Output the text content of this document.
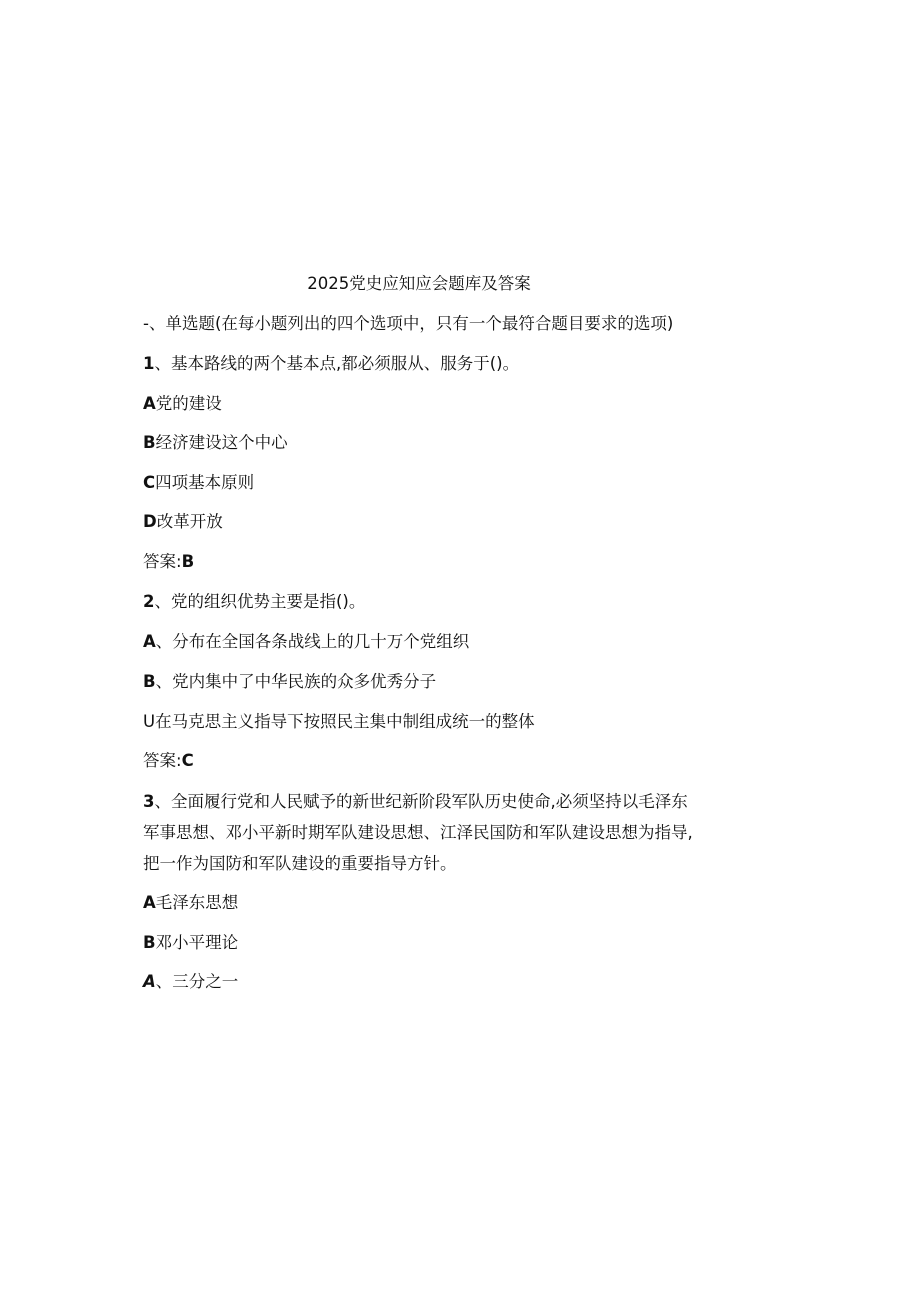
2025党史应知应会题库及答案

-、单选题(在每小题列出的四个选项中，只有一个最符合题目要求的选项)

1、基本路线的两个基本点,都必须服从、服务于()。

A党的建设

B经济建设这个中心

C四项基本原则

D改革开放

答案:B

2、党的组织优势主要是指()。

A、分布在全国各条战线上的几十万个党组织

B、党内集中了中华民族的众多优秀分子

U在马克思主义指导下按照民主集中制组成统一的整体

答案:C

3、全面履行党和人民赋予的新世纪新阶段军队历史使命,必须坚持以毛泽东军事思想、邓小平新时期军队建设思想、江泽民国防和军队建设思想为指导,把一作为国防和军队建设的重要指导方针。

A毛泽东思想

B邓小平理论

A、三分之一
